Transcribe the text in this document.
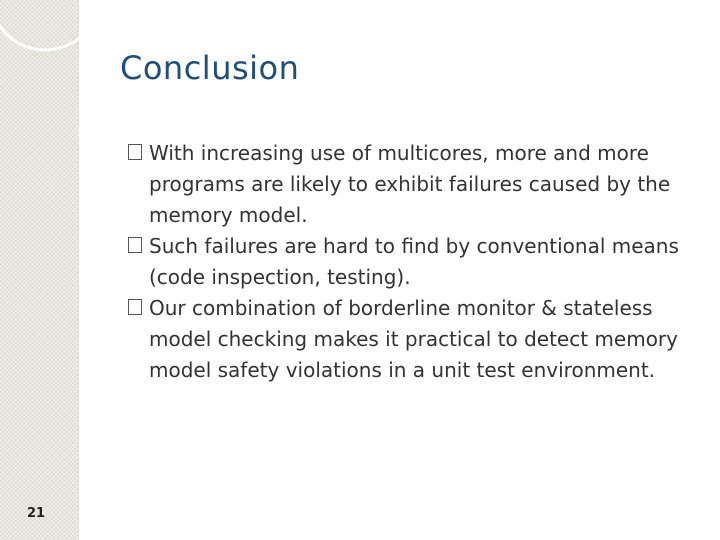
Conclusion
With increasing use of multicores, more and more programs are likely to exhibit failures caused by the memory model.
Such failures are hard to find by conventional means (code inspection, testing).
Our combination of borderline monitor & stateless model checking makes it practical to detect memory model safety violations in a unit test environment.
21
